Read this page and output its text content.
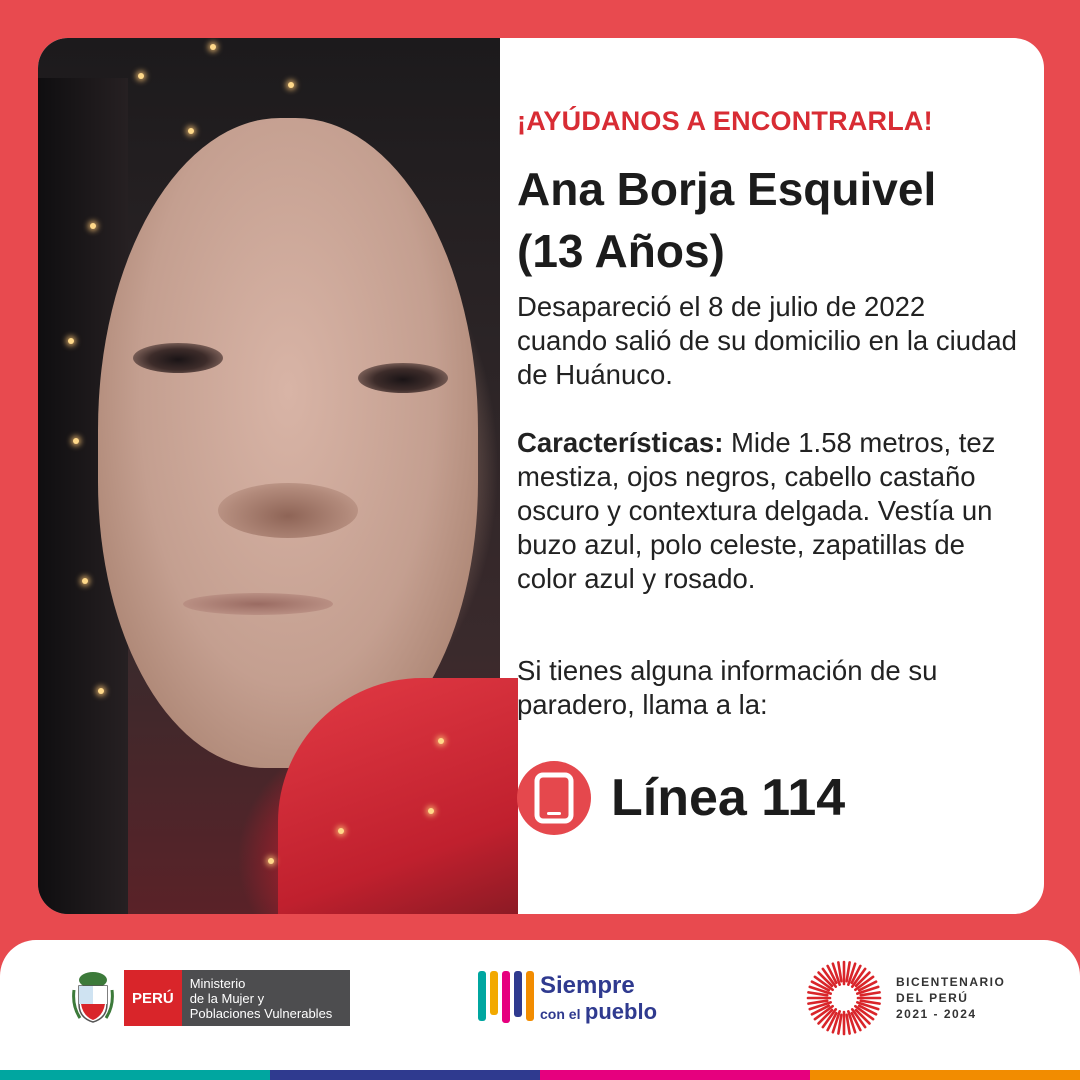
¡AYÚDANOS A ENCONTRARLA!
Ana Borja Esquivel
(13 Años)
Desapareció el 8 de julio de 2022 cuando salió de su domicilio en la ciudad de Huánuco.
Características: Mide 1.58 metros, tez mestiza, ojos negros, cabello castaño oscuro y contextura delgada. Vestía un buzo azul, polo celeste, zapatillas de color azul y rosado.
Si tienes alguna información de su paradero, llama a la:
Línea 114
PERÚ
Ministerio
de la Mujer y
Poblaciones Vulnerables
Siempre
con el pueblo
BICENTENARIO
DEL PERÚ
2021 - 2024
